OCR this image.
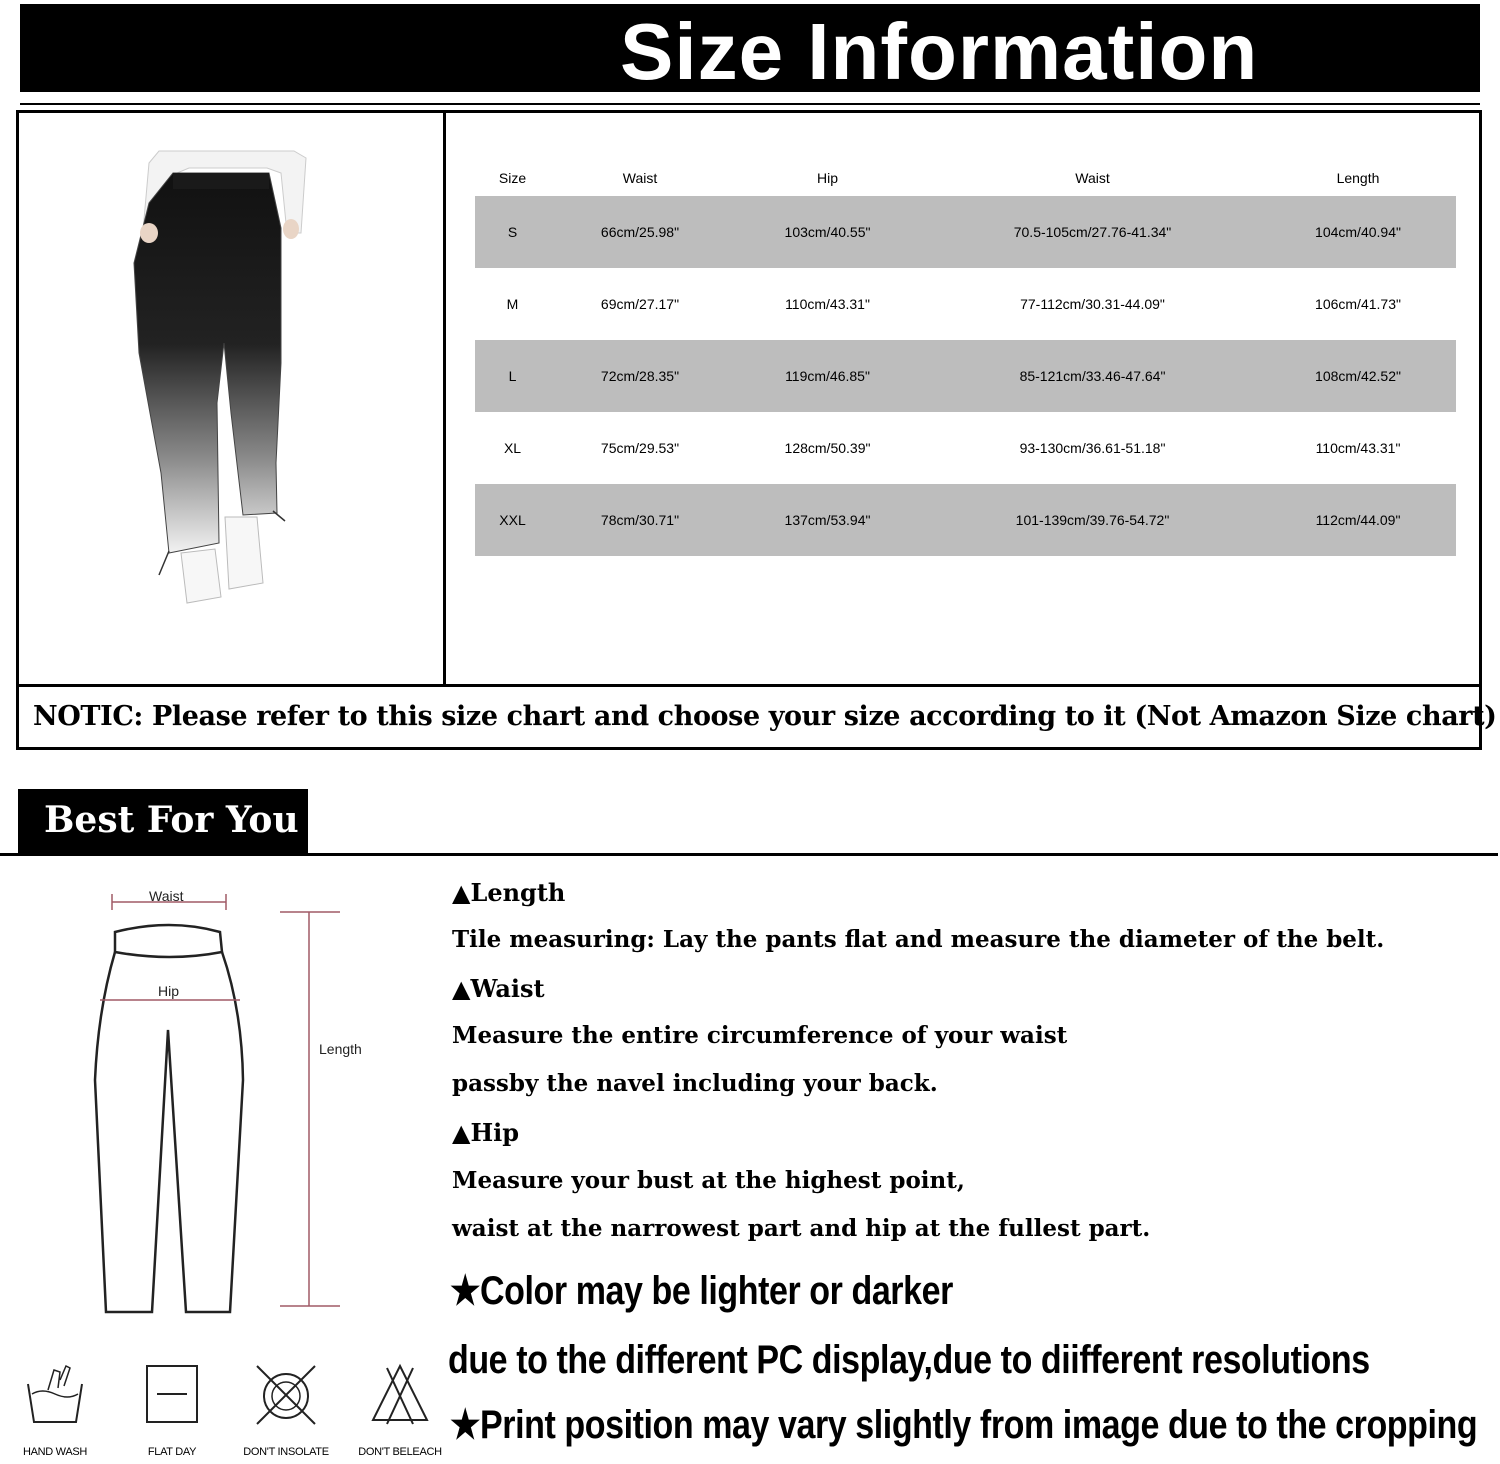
Size Information
Size	Waist	Hip	Waist	Length
S	66cm/25.98"	103cm/40.55"	70.5-105cm/27.76-41.34"	104cm/40.94"
M	69cm/27.17"	110cm/43.31"	77-112cm/30.31-44.09"	106cm/41.73"
L	72cm/28.35"	119cm/46.85"	85-121cm/33.46-47.64"	108cm/42.52"
XL	75cm/29.53"	128cm/50.39"	93-130cm/36.61-51.18"	110cm/43.31"
XXL	78cm/30.71"	137cm/53.94"	101-139cm/39.76-54.72"	112cm/44.09"
NOTIC: Please refer to this size chart and choose your size according to it (Not Amazon Size chart)
Best For You
Waist
Hip
Length
HAND WASH	FLAT DAY	DON'T INSOLATE	DON'T BELEACH
▲Length
Tile measuring: Lay the pants flat and measure the diameter of the belt.
▲Waist
Measure the entire circumference of your waist
passby the navel including your back.
▲Hip
Measure your bust at the highest point,
waist at the narrowest part and hip at the fullest part.
★Color may be lighter or darker
due to the different PC display,due to diifferent resolutions
★Print position may vary slightly from image due to the cropping
